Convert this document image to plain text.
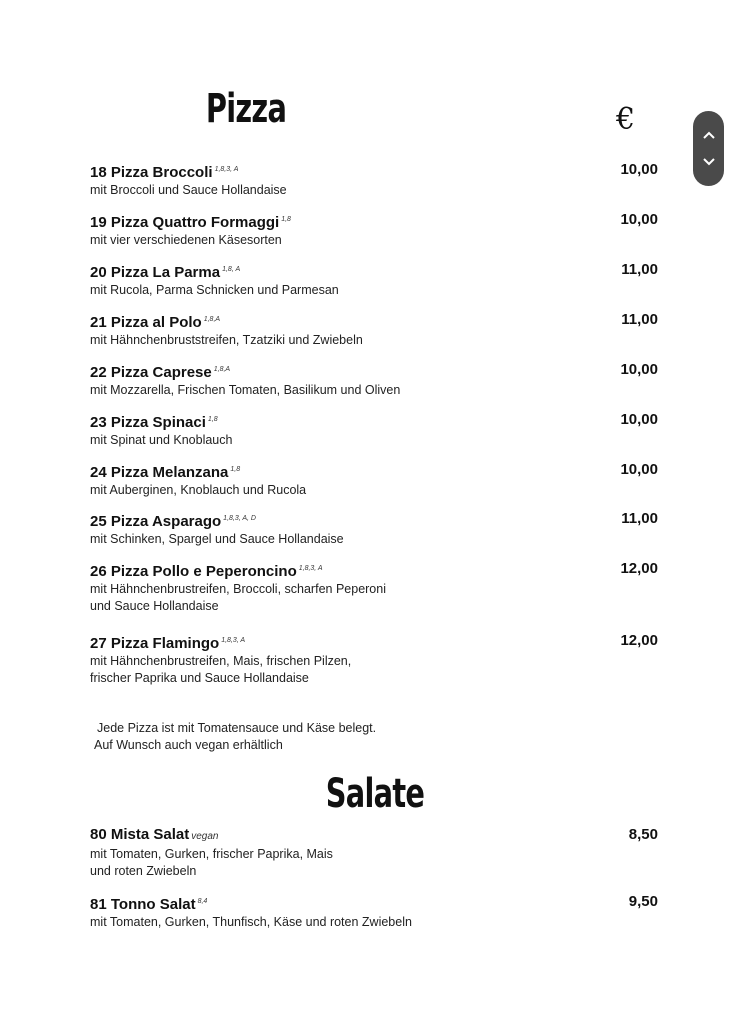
Pizza	€
18 Pizza Broccoli $^{1,8,3, A}$
mit Broccoli und Sauce Hollandaise
10,00
19 Pizza Quattro Formaggi $^{1,8}$
mit vier verschiedenen Käsesorten
10,00
20 Pizza La Parma $^{1,8, A}$
mit Rucola, Parma Schnicken und Parmesan
11,00
21 Pizza al Polo $^{1,8,A}$
mit Hähnchenbruststreifen, Tzatziki und Zwiebeln
11,00
22 Pizza Caprese $^{1,8,A}$
mit Mozzarella, Frischen Tomaten, Basilikum und Oliven
10,00
23 Pizza Spinaci $^{1,8}$
mit Spinat und Knoblauch
10,00
24 Pizza Melanzana $^{1,8}$
mit Auberginen, Knoblauch und Rucola
10,00
25 Pizza Asparago $^{1,8,3, A, D}$
mit Schinken, Spargel und Sauce Hollandaise
11,00
26 Pizza Pollo e Peperoncino $^{1,8,3, A}$
mit Hähnchenbrustreifen, Broccoli, scharfen Peperoni
und Sauce Hollandaise
12,00
27 Pizza Flamingo $^{1,8,3, A}$
mit Hähnchenbrustreifen, Mais, frischen Pilzen,
frischer Paprika und Sauce Hollandaise
12,00
Jede Pizza ist mit Tomatensauce und Käse belegt.
Auf Wunsch auch vegan erhältlich
Salate
80 Mista Salat vegan
mit Tomaten, Gurken, frischer Paprika, Mais
und roten Zwiebeln
8,50
81 Tonno Salat $^{8,4}$
mit Tomaten, Gurken, Thunfisch, Käse und roten Zwiebeln
9,50
